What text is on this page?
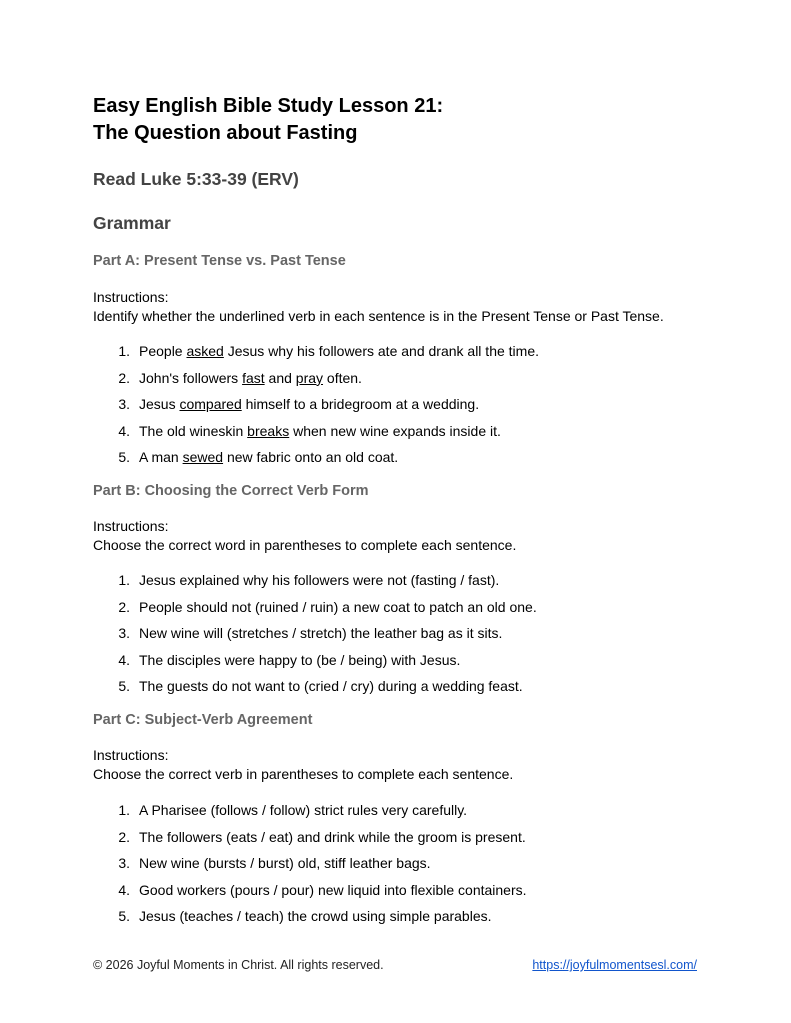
Easy English Bible Study Lesson 21:
The Question about Fasting
Read Luke 5:33-39 (ERV)
Grammar
Part A: Present Tense vs. Past Tense
Instructions:
Identify whether the underlined verb in each sentence is in the Present Tense or Past Tense.
1. People asked Jesus why his followers ate and drank all the time.
2. John's followers fast and pray often.
3. Jesus compared himself to a bridegroom at a wedding.
4. The old wineskin breaks when new wine expands inside it.
5. A man sewed new fabric onto an old coat.
Part B: Choosing the Correct Verb Form
Instructions:
Choose the correct word in parentheses to complete each sentence.
1. Jesus explained why his followers were not (fasting / fast).
2. People should not (ruined / ruin) a new coat to patch an old one.
3. New wine will (stretches / stretch) the leather bag as it sits.
4. The disciples were happy to (be / being) with Jesus.
5. The guests do not want to (cried / cry) during a wedding feast.
Part C: Subject-Verb Agreement
Instructions:
Choose the correct verb in parentheses to complete each sentence.
1. A Pharisee (follows / follow) strict rules very carefully.
2. The followers (eats / eat) and drink while the groom is present.
3. New wine (bursts / burst) old, stiff leather bags.
4. Good workers (pours / pour) new liquid into flexible containers.
5. Jesus (teaches / teach) the crowd using simple parables.
© 2026 Joyful Moments in Christ. All rights reserved.	https://joyfulmomentsesl.com/
